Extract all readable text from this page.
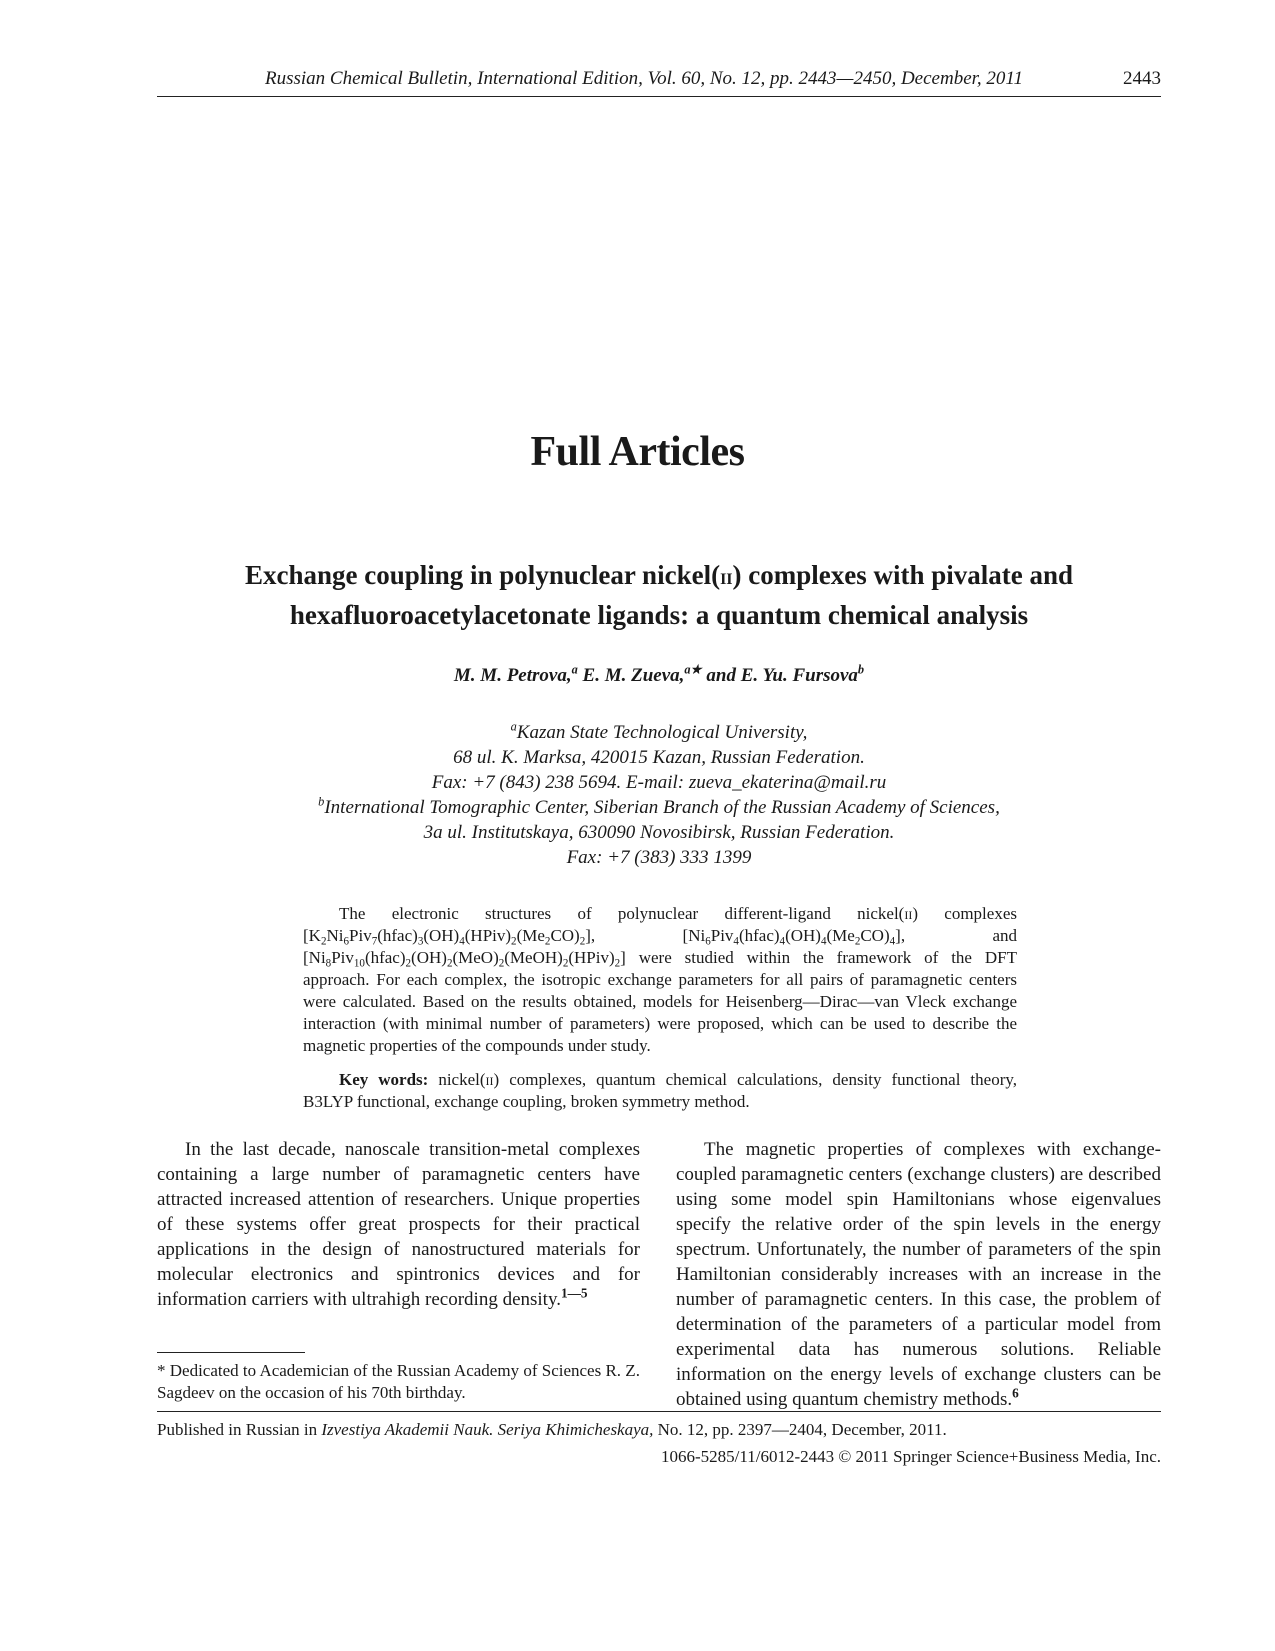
Russian Chemical Bulletin, International Edition, Vol. 60, No. 12, pp. 2443—2450, December, 2011	2443
Full Articles
Exchange coupling in polynuclear nickel(ii) complexes with pivalate and
hexafluoroacetylacetonate ligands: a quantum chemical analysis
M. M. Petrova,$^a$ E. M. Zueva,$^{a★}$ and E. Yu. Fursova$^b$
$^a$Kazan State Technological University,
68 ul. K. Marksa, 420015 Kazan, Russian Federation.
Fax: +7 (843) 238 5694. E-mail: zueva_ekaterina@mail.ru
$^b$International Tomographic Center, Siberian Branch of the Russian Academy of Sciences,
3a ul. Institutskaya, 630090 Novosibirsk, Russian Federation.
Fax: +7 (383) 333 1399

The electronic structures of polynuclear different-ligand nickel(ii) complexes $[K_2Ni_6Piv_7(hfac)_3(OH)_4(HPiv)_2(Me_2CO)_2]$, $[Ni_6Piv_4(hfac)_4(OH)_4(Me_2CO)_4]$, and $[Ni_8Piv_{10}(hfac)_2(OH)_2(MeO)_2(MeOH)_2(HPiv)_2]$ were studied within the framework of the DFT approach. For each complex, the isotropic exchange parameters for all pairs of paramagnetic centers were calculated. Based on the results obtained, models for Heisenberg—Dirac—van Vleck exchange interaction (with minimal number of parameters) were proposed, which can be used to describe the magnetic properties of the compounds under study.

Key words: nickel(ii) complexes, quantum chemical calculations, density functional theory, B3LYP functional, exchange coupling, broken symmetry method.

In the last decade, nanoscale transition-metal complexes containing a large number of paramagnetic centers have attracted increased attention of researchers. Unique properties of these systems offer great prospects for their practical applications in the design of nanostructured materials for molecular electronics and spintronics devices and for information carriers with ultrahigh recording density.$^{1—5}$

The magnetic properties of complexes with exchange-coupled paramagnetic centers (exchange clusters) are described using some model spin Hamiltonians whose eigenvalues specify the relative order of the spin levels in the energy spectrum. Unfortunately, the number of parameters of the spin Hamiltonian considerably increases with an increase in the number of paramagnetic centers. In this case, the problem of determination of the parameters of a particular model from experimental data has numerous solutions. Reliable information on the energy levels of exchange clusters can be obtained using quantum chemistry methods.$^6$

* Dedicated to Academician of the Russian Academy of Sciences R. Z. Sagdeev on the occasion of his 70th birthday.
Published in Russian in Izvestiya Akademii Nauk. Seriya Khimicheskaya, No. 12, pp. 2397—2404, December, 2011.
1066-5285/11/6012-2443 © 2011 Springer Science+Business Media, Inc.
